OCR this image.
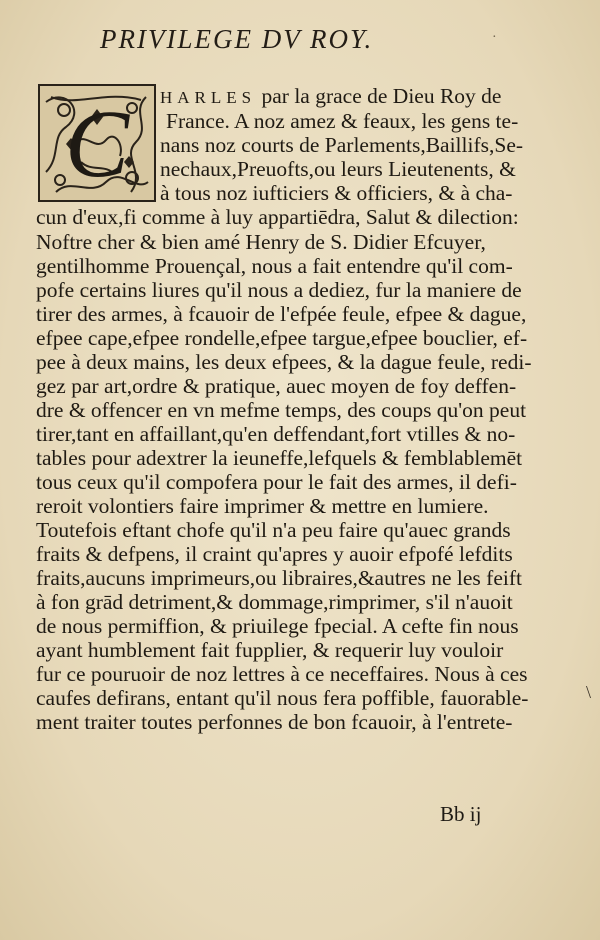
PRIVILEGE DV ROY.	·
C HARLES par la grace de Dieu Roy de
France. A noz amez & feaux, les gens te-
nans noz courts de Parlements,Baillifs,Se-
nechaux,Preuofts,ou leurs Lieutenents, &
à tous noz iufticiers & officiers, & à cha-
cun d'eux,fi comme à luy appartiēdra, Salut & dilection:
Noftre cher & bien amé Henry de S. Didier Efcuyer,
gentilhomme Prouençal, nous a fait entendre qu'il com-
pofe certains liures qu'il nous a dediez, fur la maniere de
tirer des armes, à fcauoir de l'efpée feule, efpee & dague,
efpee cape,efpee rondelle,efpee targue,efpee bouclier, ef-
pee à deux mains, les deux efpees, & la dague feule, redi-
gez par art,ordre & pratique, auec moyen de foy deffen-
dre & offencer en vn mefme temps, des coups qu'on peut
tirer,tant en affaillant,qu'en deffendant,fort vtilles & no-
tables pour adextrer la ieuneffe,lefquels & femblablemēt
tous ceux qu'il compofera pour le fait des armes, il defi-
reroit volontiers faire imprimer & mettre en lumiere.
Toutefois eftant chofe qu'il n'a peu faire qu'auec grands
fraits & defpens, il craint qu'apres y auoir efpofé lefdits
fraits,aucuns imprimeurs,ou libraires,&autres ne les feift
à fon grād detriment,& dommage,rimprimer, s'il n'auoit
de nous permiffion, & priuilege fpecial. A cefte fin nous
ayant humblement fait fupplier, & requerir luy vouloir
fur ce pouruoir de noz lettres à ce neceffaires. Nous à ces
caufes defirans, entant qu'il nous fera poffible, fauorable-
ment traiter toutes perfonnes de bon fcauoir, à l'entrete-
\
Bb ij
